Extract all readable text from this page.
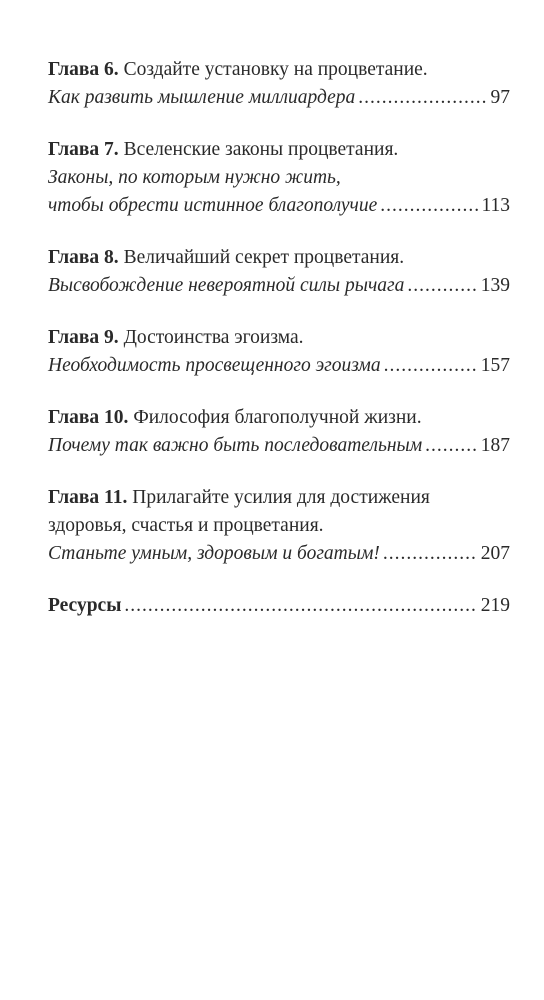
Глава 6. Создайте установку на процветание.
Как развить мышление миллиардера .....	97
Глава 7. Вселенские законы процветания.
Законы, по которым нужно жить,
чтобы обрести истинное благополучие .....	113
Глава 8. Величайший секрет процветания.
Высвобождение невероятной силы рычага .....	139
Глава 9. Достоинства эгоизма.
Необходимость просвещенного эгоизма .....	157
Глава 10. Философия благополучной жизни.
Почему так важно быть последовательным .....	187
Глава 11. Прилагайте усилия для достижения
здоровья, счастья и процветания.
Станьте умным, здоровым и богатым! .....	207
Ресурсы .....	219
